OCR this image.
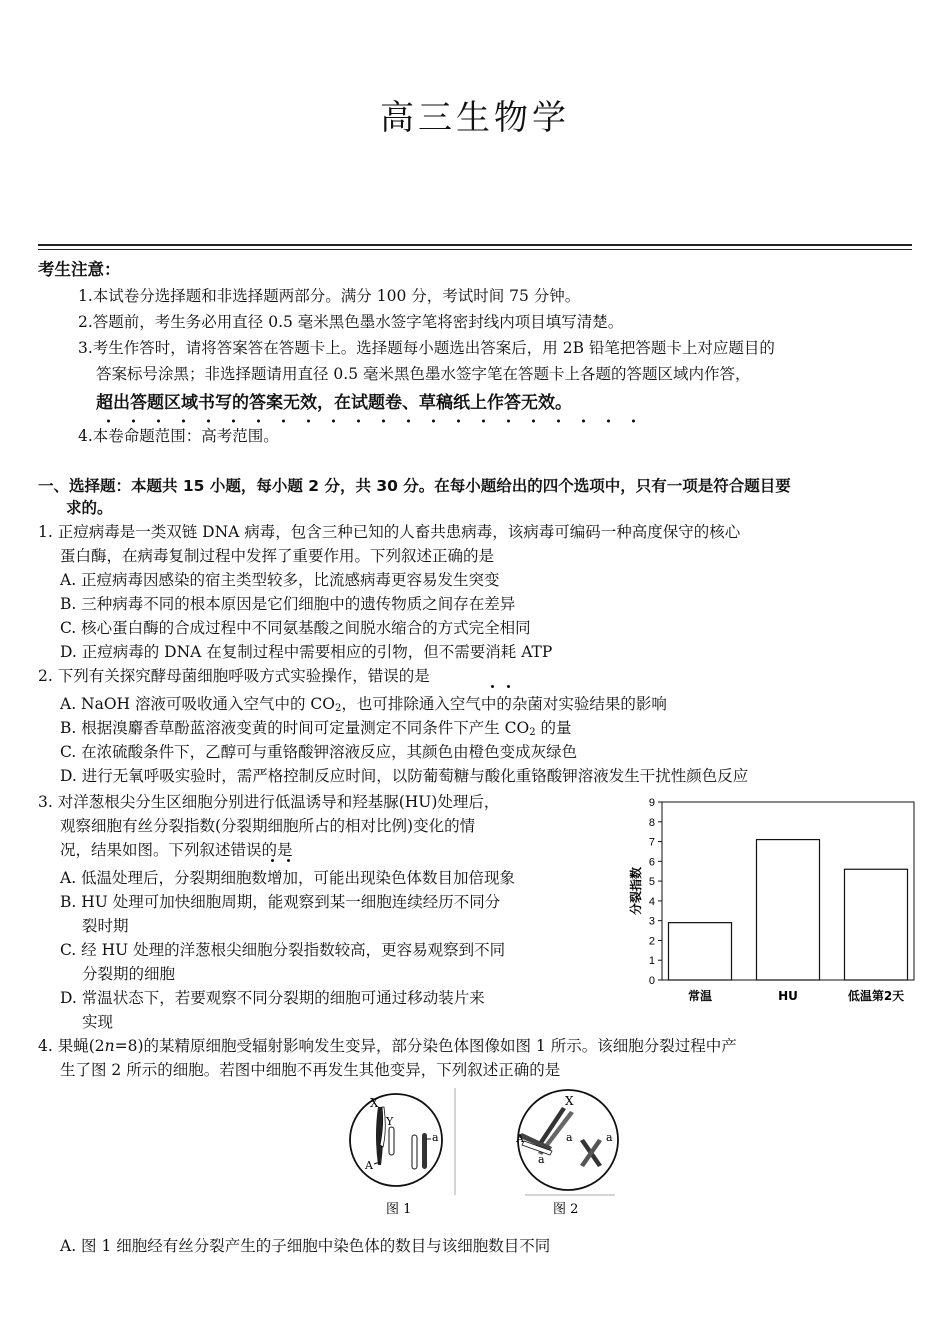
高三生物学
考生注意：
1.本试卷分选择题和非选择题两部分。满分 100 分，考试时间 75 分钟。
2.答题前，考生务必用直径 0.5 毫米黑色墨水签字笔将密封线内项目填写清楚。
3.考生作答时，请将答案答在答题卡上。选择题每小题选出答案后，用 2B 铅笔把答题卡上对应题目的
答案标号涂黑；非选择题请用直径 0.5 毫米黑色墨水签字笔在答题卡上各题的答题区域内作答，
超出答题区域书写的答案无效，在试题卷、草稿纸上作答无效。
4.本卷命题范围：高考范围。
一、选择题：本题共 15 小题，每小题 2 分，共 30 分。在每小题给出的四个选项中，只有一项是符合题目要
求的。
1. 正痘病毒是一类双链 DNA 病毒，包含三种已知的人畜共患病毒，该病毒可编码一种高度保守的核心
蛋白酶，在病毒复制过程中发挥了重要作用。下列叙述正确的是
A. 正痘病毒因感染的宿主类型较多，比流感病毒更容易发生突变
B. 三种病毒不同的根本原因是它们细胞中的遗传物质之间存在差异
C. 核心蛋白酶的合成过程中不同氨基酸之间脱水缩合的方式完全相同
D. 正痘病毒的 DNA 在复制过程中需要相应的引物，但不需要消耗 ATP
2. 下列有关探究酵母菌细胞呼吸方式实验操作，错误的是
A. NaOH 溶液可吸收通入空气中的 $CO_2$，也可排除通入空气中的杂菌对实验结果的影响
B. 根据溴麝香草酚蓝溶液变黄的时间可定量测定不同条件下产生 $CO_2$ 的量
C. 在浓硫酸条件下，乙醇可与重铬酸钾溶液反应，其颜色由橙色变成灰绿色
D. 进行无氧呼吸实验时，需严格控制反应时间，以防葡萄糖与酸化重铬酸钾溶液发生干扰性颜色反应
3. 对洋葱根尖分生区细胞分别进行低温诱导和羟基脲(HU)处理后，
观察细胞有丝分裂指数(分裂期细胞所占的相对比例)变化的情
况，结果如图。下列叙述错误的是
A. 低温处理后，分裂期细胞数增加，可能出现染色体数目加倍现象
B. HU 处理可加快细胞周期，能观察到某一细胞连续经历不同分
裂时期
C. 经 HU 处理的洋葱根尖细胞分裂指数较高，更容易观察到不同
分裂期的细胞
D. 常温状态下，若要观察不同分裂期的细胞可通过移动装片来
实现
0
1
2
3
4
5
6
7
8
9
常温	HU	低温第2天
分裂指数
4. 果蝇(2n=8)的某精原细胞受辐射影响发生变异，部分染色体图像如图 1 所示。该细胞分裂过程中产
生了图 2 所示的细胞。若图中细胞不再发生其他变异，下列叙述正确的是
X
Y
A
a
图 1
X
A
a
a	a
图 2
A. 图 1 细胞经有丝分裂产生的子细胞中染色体的数目与该细胞数目不同
